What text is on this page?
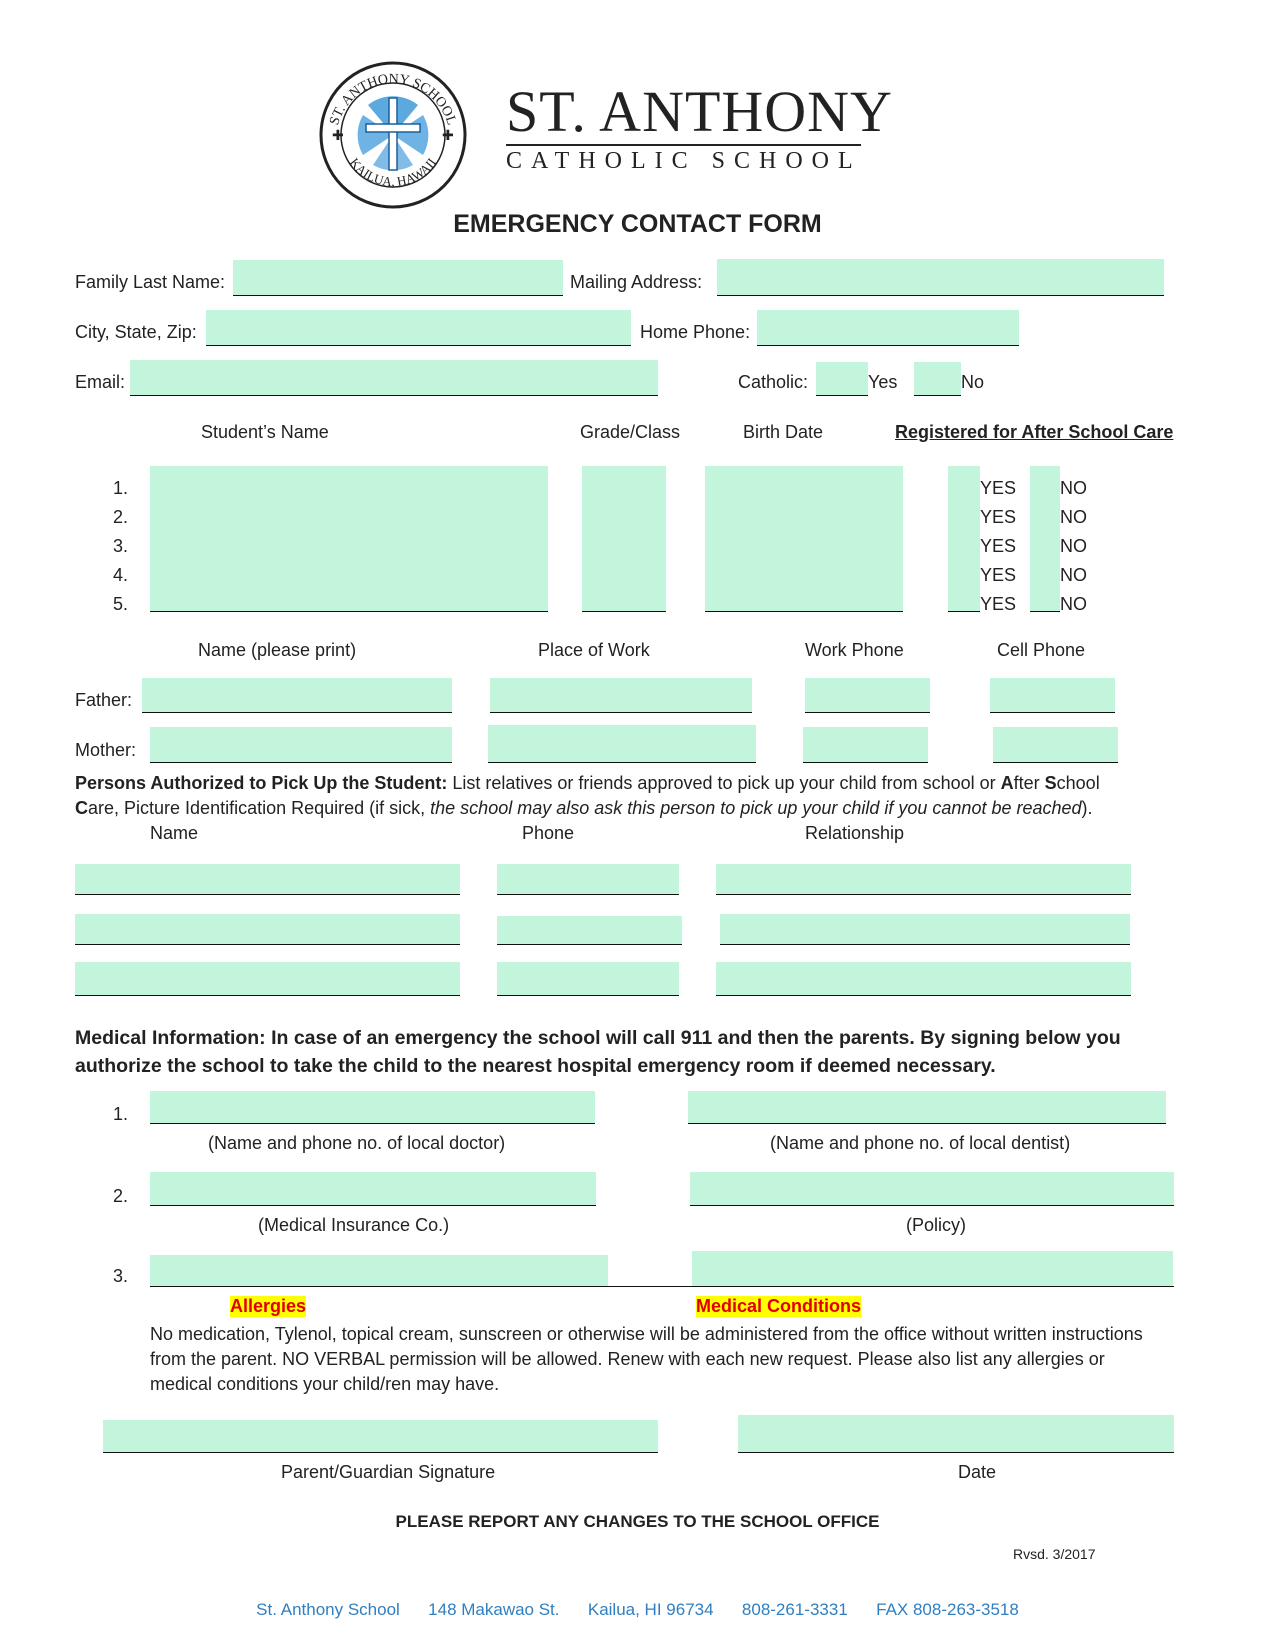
ST. ANTHONY SCHOOL
KAILUA, HAWAII
✚	✚ ST. ANTHONY
CATHOLIC SCHOOL
EMERGENCY CONTACT FORM
Family Last Name:	Mailing Address:
City, State, Zip:	Home Phone:
Email:	Catholic:	Yes	No
Student’s Name	Grade/Class	Birth Date	Registered for After School Care
1.	YES NO
2.	YES NO
3.	YES NO
4.	YES NO
5.	YES NO
Name (please print)	Place of Work	Work Phone	Cell Phone
Father:
Mother:
Persons Authorized to Pick Up the Student: List relatives or friends approved to pick up your child from school or After School
Care, Picture Identification Required (if sick, the school may also ask this person to pick up your child if you cannot be reached).
Name	Phone	Relationship
Medical Information: In case of an emergency the school will call 911 and then the parents. By signing below you authorize the school to take the child to the nearest hospital emergency room if deemed necessary.
1.
(Name and phone no. of local doctor)	(Name and phone no. of local dentist)
2.
(Medical Insurance Co.)	(Policy)
3.
Allergies	Medical Conditions
No medication, Tylenol, topical cream, sunscreen or otherwise will be administered from the office without written instructions from the parent. NO VERBAL permission will be allowed. Renew with each new request. Please also list any allergies or medical conditions your child/ren may have.
Parent/Guardian Signature	Date
PLEASE REPORT ANY CHANGES TO THE SCHOOL OFFICE
Rvsd. 3/2017
St. Anthony School 148 Makawao St. Kailua, HI 96734 808-261-3331 FAX 808-263-3518
